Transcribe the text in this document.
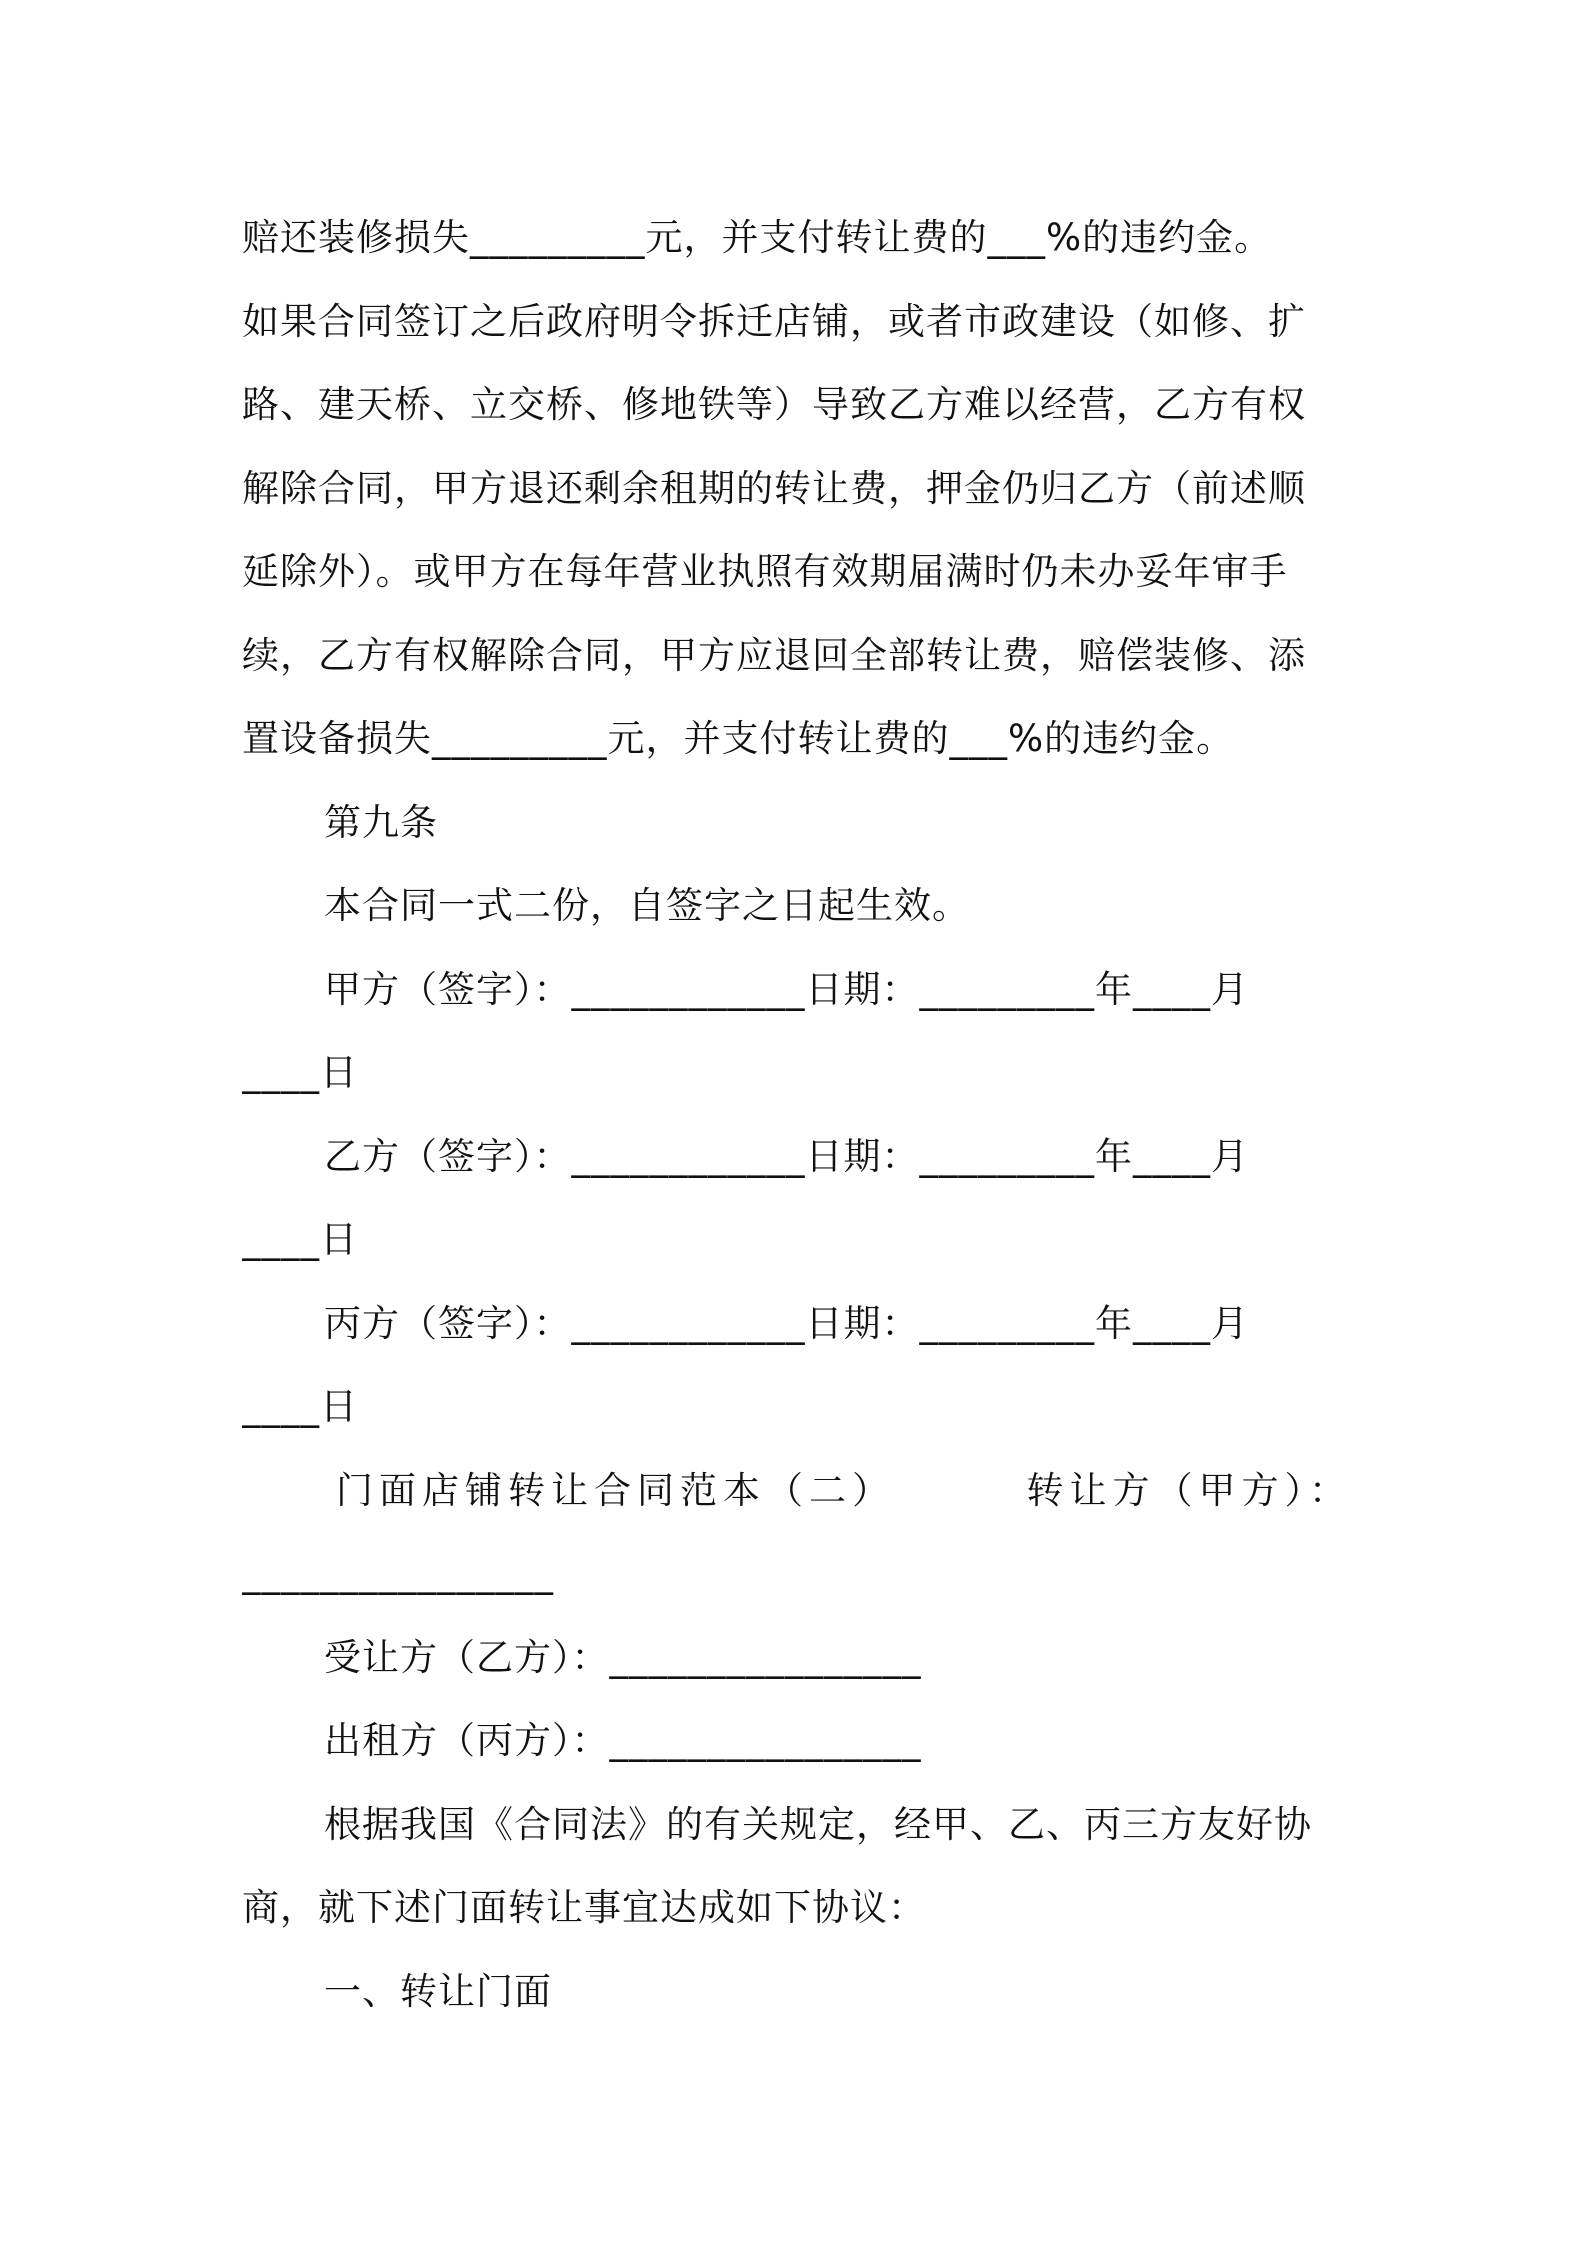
赔还装修损失_________元，并支付转让费的___%的违约金。
如果合同签订之后政府明令拆迁店铺，或者市政建设（如修、扩
路、建天桥、立交桥、修地铁等）导致乙方难以经营，乙方有权
解除合同，甲方退还剩余租期的转让费，押金仍归乙方（前述顺
延除外）。或甲方在每年营业执照有效期届满时仍未办妥年审手
续，乙方有权解除合同，甲方应退回全部转让费，赔偿装修、添
置设备损失_________元，并支付转让费的___%的违约金。
第九条
本合同一式二份，自签字之日起生效。
甲方（签字）：____________日期：_________年____月
____日
乙方（签字）：____________日期：_________年____月
____日
丙方（签字）：____________日期：_________年____月
____日
门面店铺转让合同范本（二）	转让方（甲方）：
________________
受让方（乙方）：________________
出租方（丙方）：________________
根据我国《合同法》的有关规定，经甲、乙、丙三方友好协
商，就下述门面转让事宜达成如下协议：
一、转让门面
